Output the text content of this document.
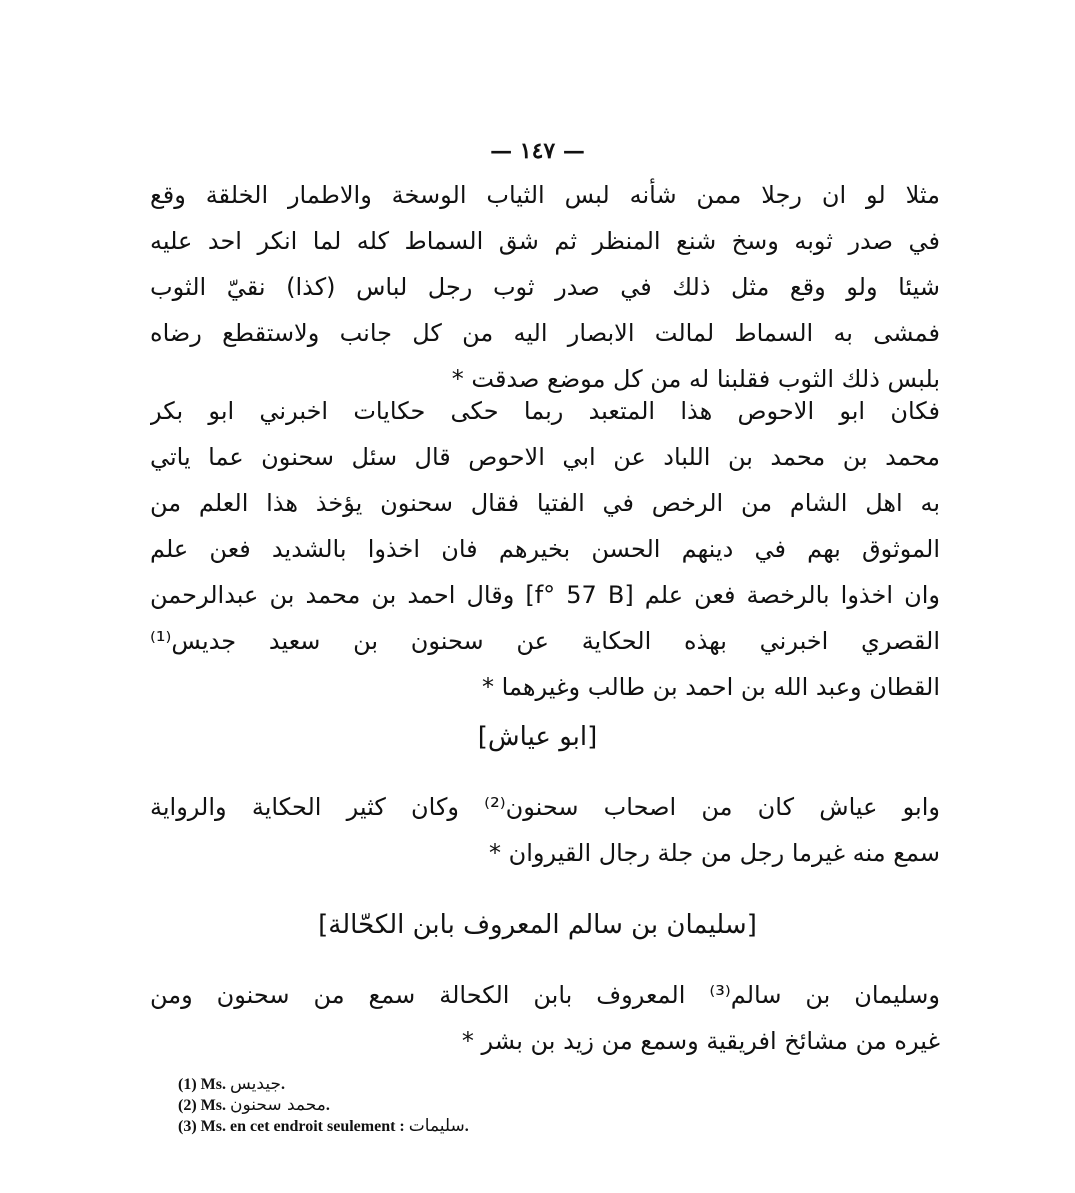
— ١٤٧ —
مثلا لو ان رجلا ممن شأنه لبس الثياب الوسخة والاطمار الخلقة وقع
في صدر ثوبه وسخ شنع المنظر ثم شق السماط كله لما انكر احد عليه
شيئا ولو وقع مثل ذلك في صدر ثوب رجل لباس (كذا) نقيّ الثوب
فمشى به السماط لمالت الابصار اليه من كل جانب ولاستقطع رضاه
بلبس ذلك الثوب فقلبنا له من كل موضع صدقت *
فكان ابو الاحوص هذا المتعبد ربما حكى حكايات اخبرني ابو بكر
محمد بن محمد بن اللباد عن ابي الاحوص قال سئل سحنون عما ياتي
به اهل الشام من الرخص في الفتيا فقال سحنون يؤخذ هذا العلم من
الموثوق بهم في دينهم الحسن بخيرهم فان اخذوا بالشديد فعن علم
وان اخذوا بالرخصة فعن علم [f° 57 B] وقال احمد بن محمد بن عبدالرحمن
القصري اخبرني بهذه الحكاية عن سحنون بن سعيد جديس⁽¹⁾
القطان وعبد الله بن احمد بن طالب وغيرهما *
[ابو عياش]
وابو عياش كان من اصحاب سحنون⁽²⁾ وكان كثير الحكاية والرواية
سمع منه غيرما رجل من جلة رجال القيروان *
[سليمان بن سالم المعروف بابن الكحّالة]
وسليمان بن سالم⁽³⁾ المعروف بابن الكحالة سمع من سحنون ومن
غيره من مشائخ افريقية وسمع من زيد بن بشر *
(1) Ms. جيديس.
(2) Ms. محمد سحنون.
(3) Ms. en cet endroit seulement : سليمات.
